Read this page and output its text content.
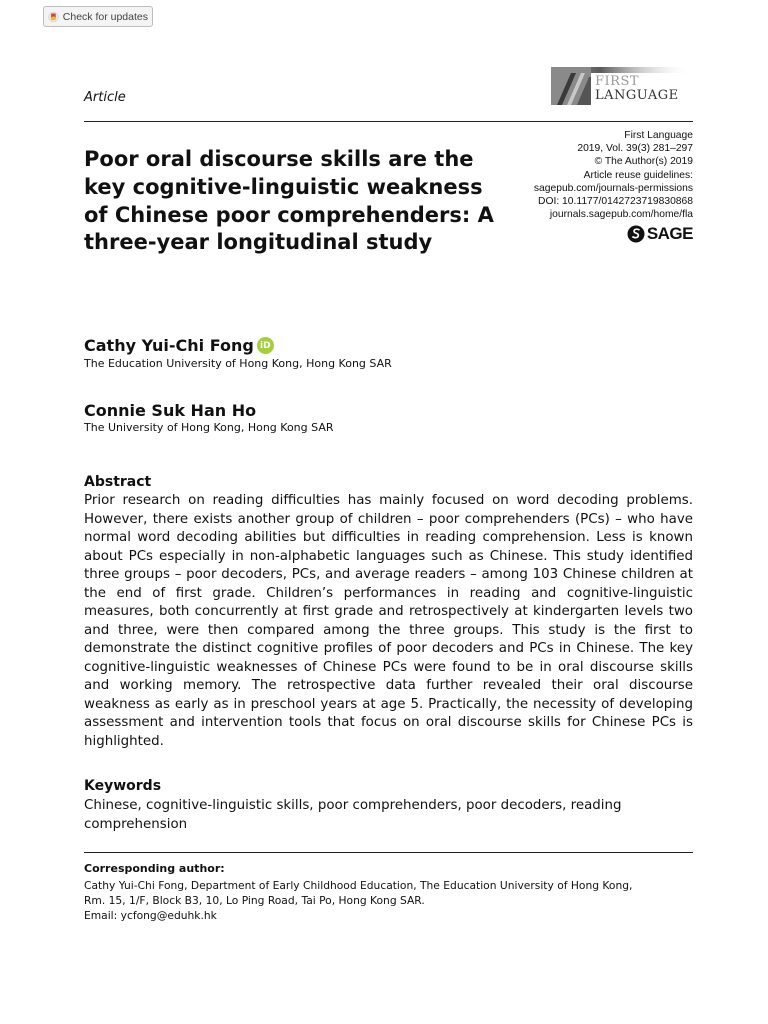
Check for updates
Article
FIRST
LANGUAGE
First Language
2019, Vol. 39(3) 281–297
© The Author(s) 2019
Article reuse guidelines:
sagepub.com/journals-permissions
DOI: 10.1177/0142723719830868
journals.sagepub.com/home/fla
SAGE
Poor oral discourse skills are the key cognitive-linguistic weakness of Chinese poor comprehenders: A three-year longitudinal study
Cathy Yui-Chi Fong iD
The Education University of Hong Kong, Hong Kong SAR
Connie Suk Han Ho
The University of Hong Kong, Hong Kong SAR
Abstract

Prior research on reading difficulties has mainly focused on word decoding problems. However, there exists another group of children – poor comprehenders (PCs) – who have normal word decoding abilities but difficulties in reading comprehension. Less is known about PCs especially in non-alphabetic languages such as Chinese. This study identified three groups – poor decoders, PCs, and average readers – among 103 Chinese children at the end of first grade. Children’s performances in reading and cognitive-linguistic measures, both concurrently at first grade and retrospectively at kindergarten levels two and three, were then compared among the three groups. This study is the first to demonstrate the distinct cognitive profiles of poor decoders and PCs in Chinese. The key cognitive-linguistic weaknesses of Chinese PCs were found to be in oral discourse skills and working memory. The retrospective data further revealed their oral discourse weakness as early as in preschool years at age 5. Practically, the necessity of developing assessment and intervention tools that focus on oral discourse skills for Chinese PCs is highlighted.

Keywords

Chinese, cognitive-linguistic skills, poor comprehenders, poor decoders, reading comprehension

Corresponding author:
Cathy Yui-Chi Fong, Department of Early Childhood Education, The Education University of Hong Kong,
Rm. 15, 1/F, Block B3, 10, Lo Ping Road, Tai Po, Hong Kong SAR.
Email: ycfong@eduhk.hk
